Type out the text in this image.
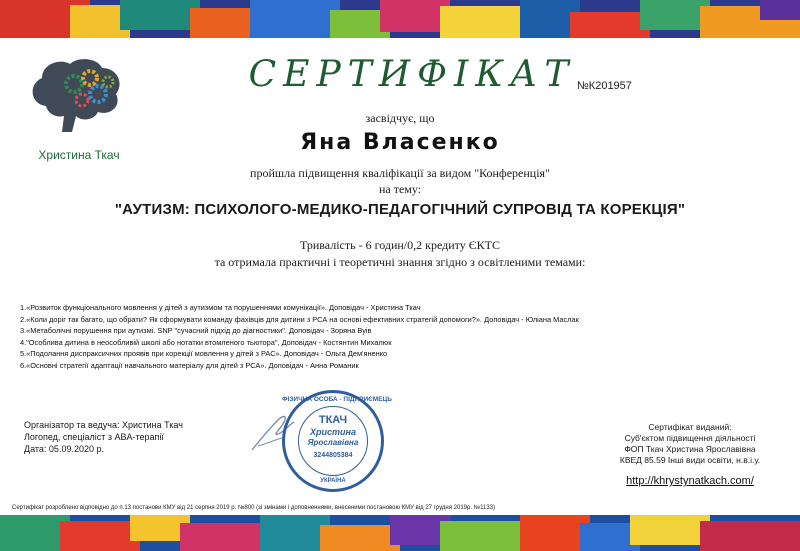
Христина Ткач
СЕРТИФІКАТ №К201957
засвідчує, що
Яна Власенко
пройшла підвищення кваліфікації за видом "Конференція"
на тему:
"АУТИЗМ: ПСИХОЛОГО-МЕДИКО-ПЕДАГОГІЧНИЙ СУПРОВІД ТА КОРЕКЦІЯ"
Тривалість - 6 годин/0,2 кредиту ЄКТС
та отримала практичні і теоретичні знання згідно з освітленими темами:
1.«Розвиток функціонального мовлення у дітей з аутизмом та порушеннями комунікації». Доповідач - Христина Ткач
2.«Коли доріг так багато, що обрати? Як сформувати команду фахівців для дитини з РСА на основі ефективних стратегій допомоги?». Доповідач - Юліана Маслак
3.«Метаболічні порушення при аутизмі. SNP "сучасний підхід до діагностики". Доповідач - Зоряна Вуів
4."Особлива дитина в неособливій школі або нотатки втомленого тьютора", Доповідач - Костянтин Михалюк
5.«Подолання диспраксичних проявів при корекції мовлення у дітей з РАС». Доповідач - Ольга Дем'яненко
6.«Основні стратегії адаптації навчального матеріалу для дітей з РСА». Доповідач - Анна Романик
Організатор та ведуча: Христина Ткач
Логопед, спеціаліст з ABA-терапії
Дата: 05.09.2020 р.
ФІЗИЧНА ОСОБА - ПІДПРИЄМЕЦЬ
ТКАЧ
Христина
Ярославівна
3244805384
УКРАЇНА
Сертифікат виданий:
Суб'єктом підвищення діяльності
ФОП Ткач Христина Ярославівна
КВЕД 85.59 Інші види освіти, н.в.і.у.
http://khrystynatkach.com/
Сертифікат розроблено відповідно до п.13 постанови КМУ від 21 серпня 2019 р. №800 (зі змінами і доповненнями, внесеними постановою КМУ від 27 грудня 2019р. №1133)
